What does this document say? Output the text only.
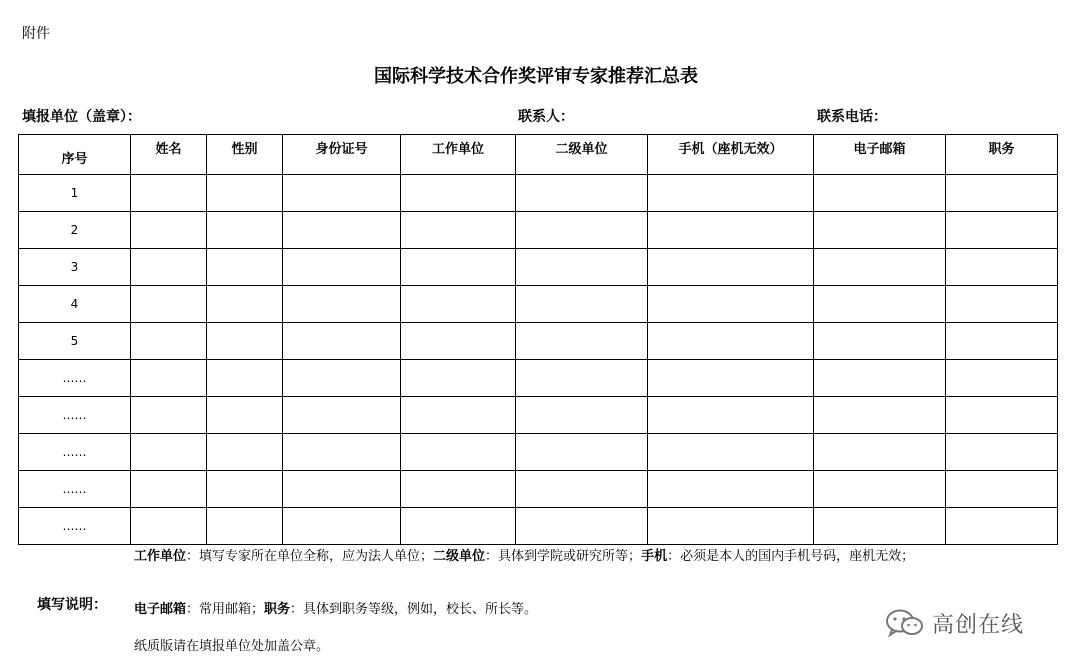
附件
国际科学技术合作奖评审专家推荐汇总表
填报单位（盖章）：	联系人：	联系电话：
序号	姓名	性别	身份证号	工作单位	二级单位	手机（座机无效）	电子邮箱	职务
1								
2								
3								
4								
5								
……								
……								
……								
……								
……								
填写说明：
工作单位：填写专家所在单位全称，应为法人单位；二级单位：具体到学院或研究所等；手机：必须是本人的国内手机号码，座机无效；
电子邮箱：常用邮箱；职务：具体到职务等级，例如，校长、所长等。
纸质版请在填报单位处加盖公章。
高创在线
